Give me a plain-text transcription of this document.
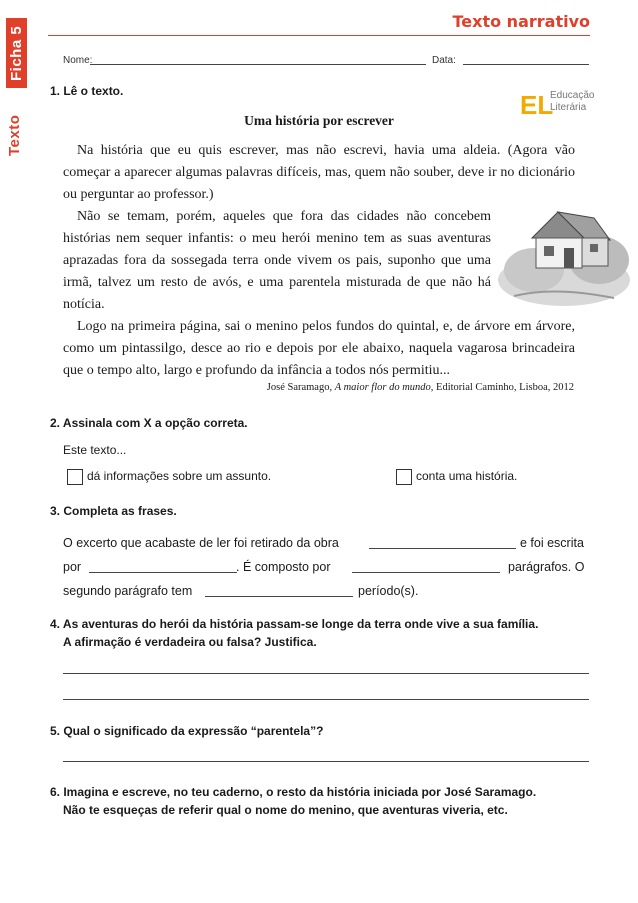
Ficha 5
Texto
Texto narrativo
Nome:	Data:
EL
Educação
Literária
1. Lê o texto.
Uma história por escrever

Na história que eu quis escrever, mas não escrevi, havia uma aldeia. (Agora vão começar a aparecer algumas palavras difíceis, mas, quem não souber, deve ir no dicionário ou perguntar ao professor.)

Não se temam, porém, aqueles que fora das cidades não concebem histórias nem sequer infantis: o meu herói menino tem as suas aventuras aprazadas fora da sossegada terra onde vivem os pais, suponho que uma irmã, talvez um resto de avós, e uma parentela misturada de que não há notícia.

Logo na primeira página, sai o menino pelos fundos do quintal, e, de árvore em árvore, como um pintassilgo, desce ao rio e depois por ele abaixo, naquela vagarosa brincadeira que o tempo alto, largo e profundo da infância a todos nós permitiu...

José Saramago, A maior flor do mundo, Editorial Caminho, Lisboa, 2012
2. Assinala com X a opção correta.
Este texto...
dá informações sobre um assunto.	conta uma história.
3. Completa as frases.
O excerto que acabaste de ler foi retirado da obra	e foi escrita
por	. É composto por	parágrafos. O
segundo parágrafo tem	período(s).
4. As aventuras do herói da história passam-se longe da terra onde vive a sua família.
A afirmação é verdadeira ou falsa? Justifica.
5. Qual o significado da expressão “parentela”?
6. Imagina e escreve, no teu caderno, o resto da história iniciada por José Saramago.
Não te esqueças de referir qual o nome do menino, que aventuras viveria, etc.
